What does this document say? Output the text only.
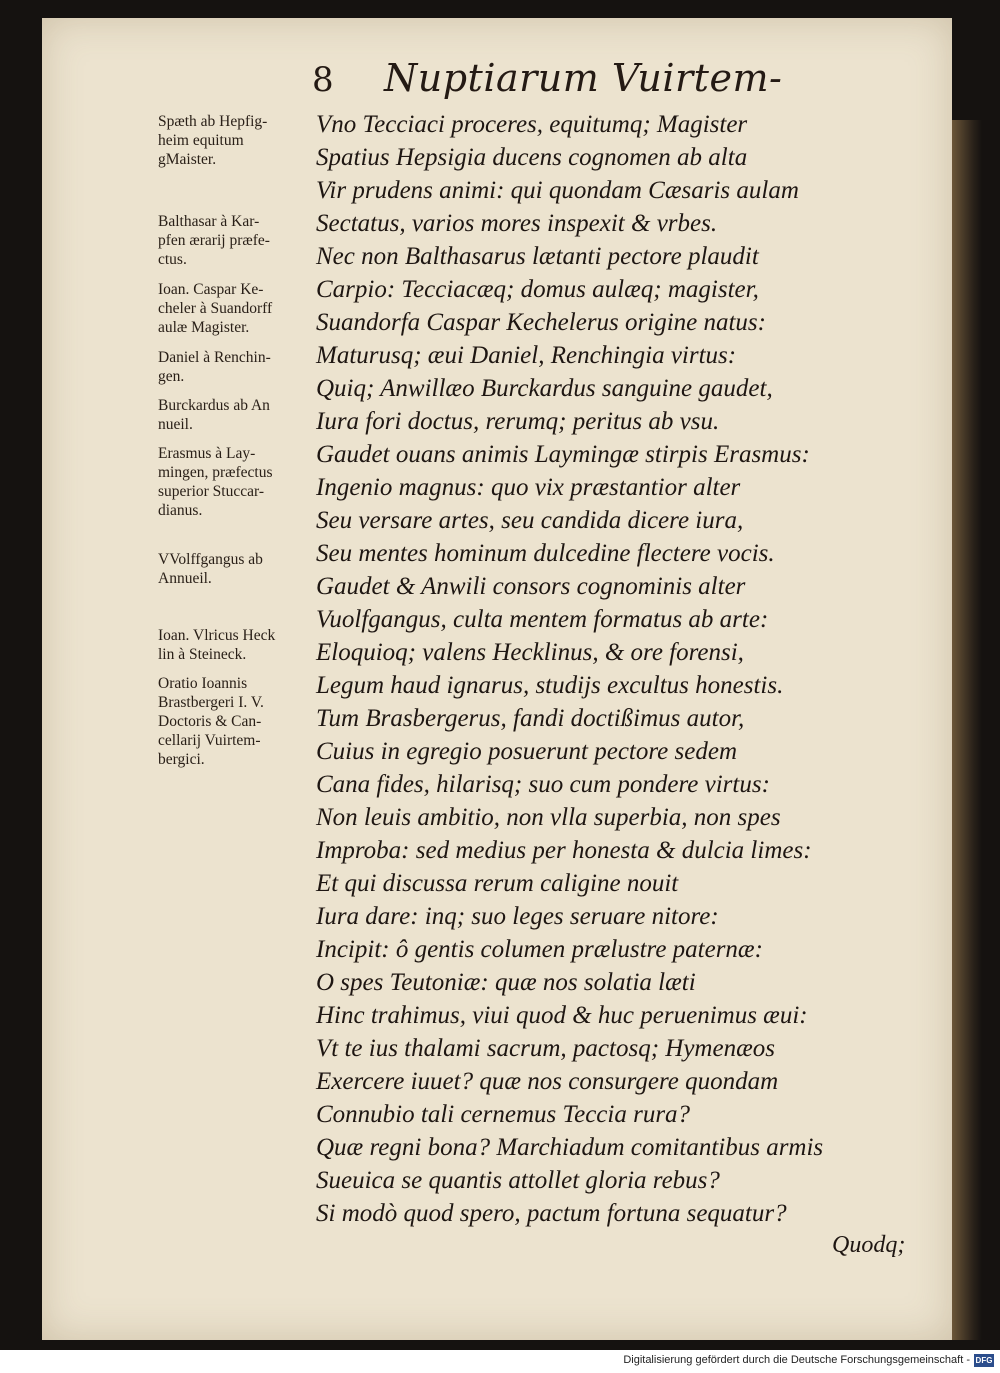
8 Nuptiarum Vuirtem-
Spæth ab Hepfig-
heim equitum
gMaister.
Balthasar à Kar-
pfen ærarij præfe-
ctus.
Ioan. Caspar Ke-
cheler à Suandorff
aulæ Magister.
Daniel à Renchin-
gen.
Burckardus ab An
nueil.
Erasmus à Lay-
mingen, præfectus
superior Stuccar-
dianus.
VVolffgangus ab
Annueil.
Ioan. Vlricus Heck
lin à Steineck.
Oratio Ioannis
Brastbergeri I. V.
Doctoris & Can-
cellarij Vuirtem-
bergici.
Vno Tecciaci proceres, equitumq; Magister
Spatius Hepsigia ducens cognomen ab alta
Vir prudens animi: qui quondam Cæsaris aulam
Sectatus, varios mores inspexit & vrbes.
Nec non Balthasarus lætanti pectore plaudit
Carpio: Tecciacæq; domus aulæq; magister,
Suandorfa Caspar Kechelerus origine natus:
Maturusq; æui Daniel, Renchingia virtus:
Quiq; Anwillæo Burckardus sanguine gaudet,
Iura fori doctus, rerumq; peritus ab vsu.
Gaudet ouans animis Laymingæ stirpis Erasmus:
Ingenio magnus: quo vix præstantior alter
Seu versare artes, seu candida dicere iura,
Seu mentes hominum dulcedine flectere vocis.
Gaudet & Anwili consors cognominis alter
Vuolfgangus, culta mentem formatus ab arte:
Eloquioq; valens Hecklinus, & ore forensi,
Legum haud ignarus, studijs excultus honestis.
Tum Brasbergerus, fandi doctißimus autor,
Cuius in egregio posuerunt pectore sedem
Cana fides, hilarisq; suo cum pondere virtus:
Non leuis ambitio, non vlla superbia, non spes
Improba: sed medius per honesta & dulcia limes:
Et qui discussa rerum caligine nouit
Iura dare: inq; suo leges seruare nitore:
Incipit: ô gentis columen prælustre paternæ:
O spes Teutoniæ: quæ nos solatia læti
Hinc trahimus, viui quod & huc peruenimus æui:
Vt te ius thalami sacrum, pactosq; Hymenæos
Exercere iuuet? quæ nos consurgere quondam
Connubio tali cernemus Teccia rura?
Quæ regni bona? Marchiadum comitantibus armis
Sueuica se quantis attollet gloria rebus?
Si modò quod spero, pactum fortuna sequatur?
Quodq;
Digitalisierung gefördert durch die Deutsche Forschungsgemeinschaft - DFG
